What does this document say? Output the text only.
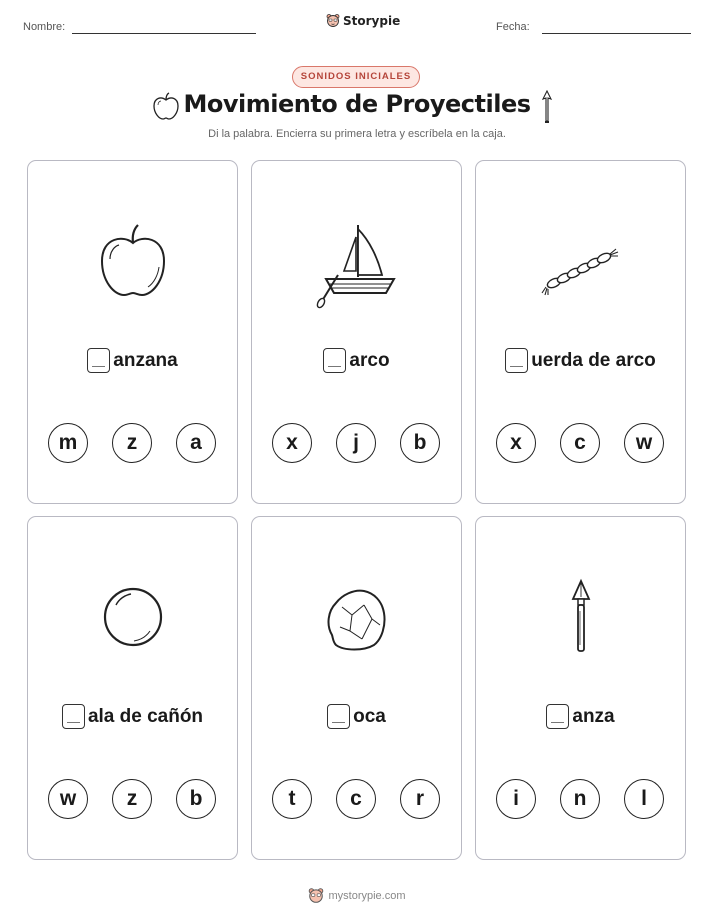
Nombre:	Storypie	Fecha:
SONIDOS INICIALES
Movimiento de Proyectiles
Di la palabra. Encierra su primera letra y escríbela en la caja.
anzana
m	z	a
arco
x	j	b
uerda de arco
x	c	w
ala de cañón
w	z	b
oca
t	c	r
anza
i	n	l
mystorypie.com
